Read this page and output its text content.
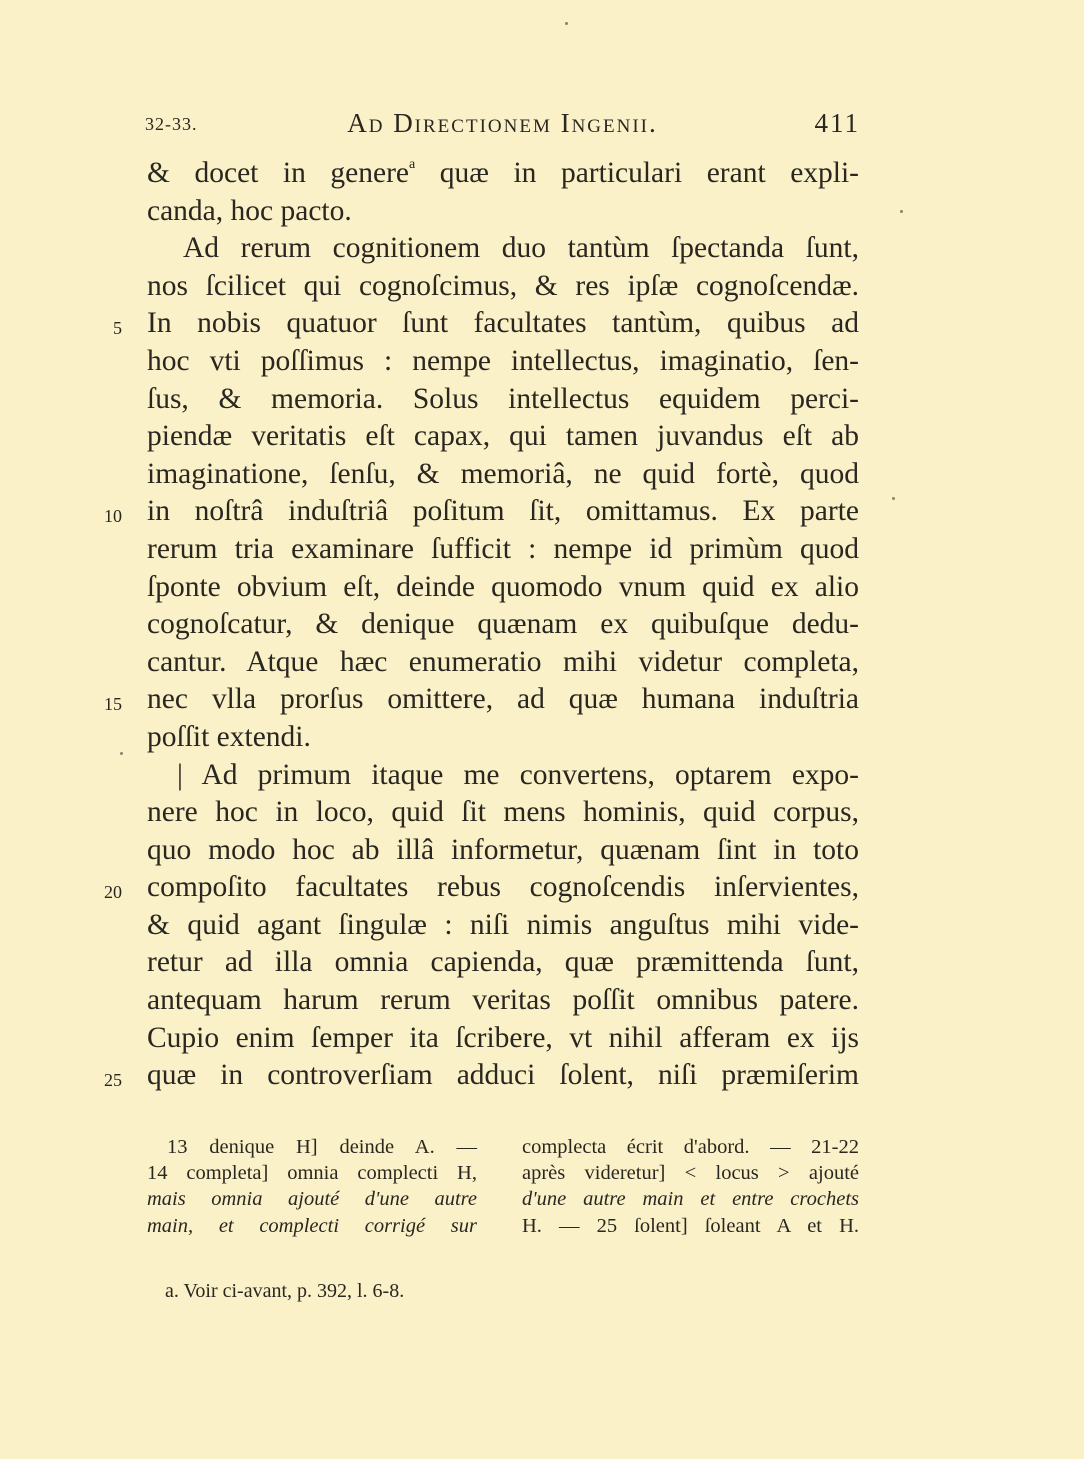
32-33.	Ad Directionem Ingenii.	411
& docet in genere$^a$ quæ in particulari erant expli-
canda, hoc pacto.
Ad rerum cognitionem duo tantùm ſpectanda ſunt,
nos ſcilicet qui cognoſcimus, & res ipſæ cognoſcendæ.
In nobis quatuor ſunt facultates tantùm, quibus ad
hoc vti poſſimus : nempe intellectus, imaginatio, ſen-
ſus, & memoria. Solus intellectus equidem perci-
piendæ veritatis eſt capax, qui tamen juvandus eſt ab
imaginatione, ſenſu, & memoriâ, ne quid fortè, quod
in noſtrâ induſtriâ poſitum ſit, omittamus. Ex parte
rerum tria examinare ſufficit : nempe id primùm quod
ſponte obvium eſt, deinde quomodo vnum quid ex alio
cognoſcatur, & denique quænam ex quibuſque dedu-
cantur. Atque hæc enumeratio mihi videtur completa,
nec vlla prorſus omittere, ad quæ humana induſtria
poſſit extendi.
| Ad primum itaque me convertens, optarem expo-
nere hoc in loco, quid ſit mens hominis, quid corpus,
quo modo hoc ab illâ informetur, quænam ſint in toto
compoſito facultates rebus cognoſcendis inſervientes,
& quid agant ſingulæ : niſi nimis anguſtus mihi vide-
retur ad illa omnia capienda, quæ præmittenda ſunt,
antequam harum rerum veritas poſſit omnibus patere.
Cupio enim ſemper ita ſcribere, vt nihil afferam ex ijs
quæ in controverſiam adduci ſolent, niſi præmiſerim
5
10
15
20
25
13 denique H] deinde A. —
14 completa] omnia complecti H,
mais omnia ajouté d'une autre
main, et complecti corrigé sur
complecta écrit d'abord. — 21-22
après videretur] < locus > ajouté
d'une autre main et entre crochets
H. — 25 ſolent] ſoleant A et H.
a. Voir ci-avant, p. 392, l. 6-8.
